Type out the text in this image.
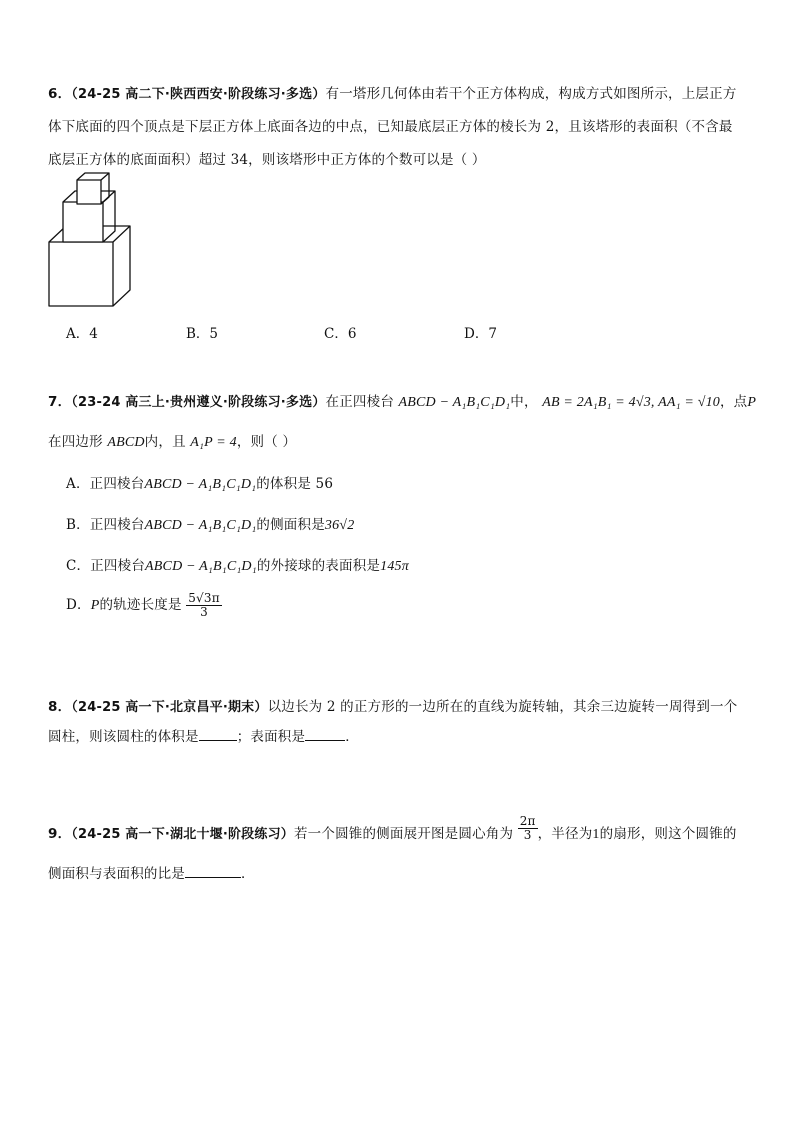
6．（24-25 高二下·陕西西安·阶段练习·多选）有一塔形几何体由若干个正方体构成，构成方式如图所示，上层正方
体下底面的四个顶点是下层正方体上底面各边的中点，已知最底层正方体的棱长为 2，且该塔形的表面积（不含最
底层正方体的底面面积）超过 34，则该塔形中正方体的个数可以是（ ）
A．4	B．5	C．6	D．7
7．（23-24 高三上·贵州遵义·阶段练习·多选）在正四棱台 ABCD − A₁B₁C₁D₁中， AB = 2A₁B₁ = 4√3, AA₁ = √10，点P
在四边形 ABCD内，且 A₁P = 4，则（ ）
A．正四棱台ABCD − A₁B₁C₁D₁的体积是 56
B．正四棱台ABCD − A₁B₁C₁D₁的侧面积是36√2
C．正四棱台ABCD − A₁B₁C₁D₁的外接球的表面积是145π
D．P的轨迹长度是 $\frac{5√3\pi}{3}$
8．（24-25 高一下·北京昌平·期末）以边长为 2 的正方形的一边所在的直线为旋转轴，其余三边旋转一周得到一个
圆柱，则该圆柱的体积是	；表面积是	．
9．（24-25 高一下·湖北十堰·阶段练习）若一个圆锥的侧面展开图是圆心角为 $\frac{2\pi}{3}$ ，半径为1的扇形，则这个圆锥的
侧面积与表面积的比是	．
